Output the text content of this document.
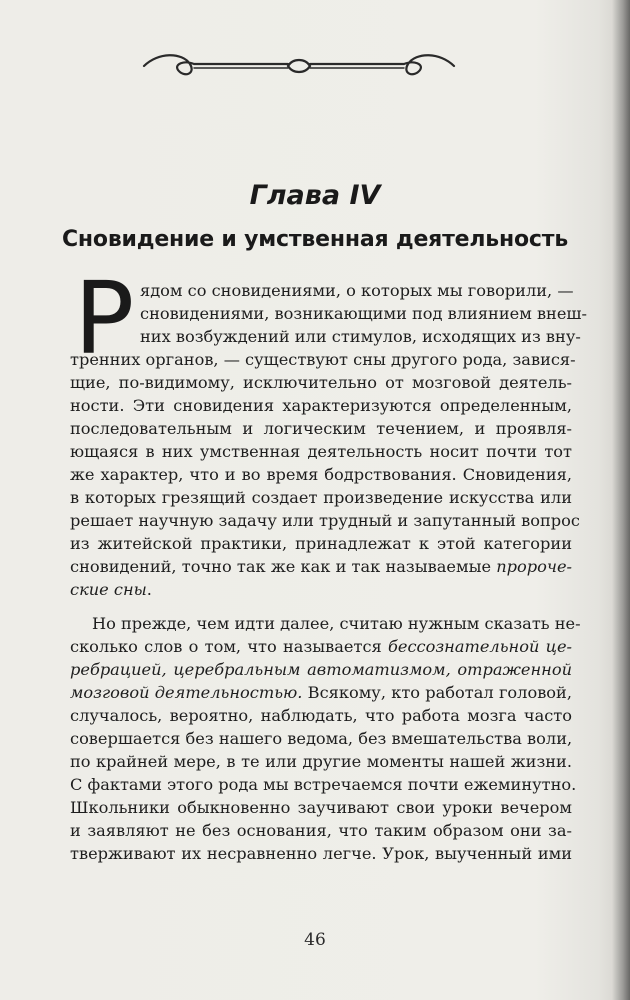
Глава IV
Сновидение и умственная деятельность
Р ядом со сновидениями, о которых мы говорили, —
сновидениями, возникающими под влиянием внеш-
них возбуждений или стимулов, исходящих из вну-
тренних органов, — существуют сны другого рода, завися-
щие, по-видимому, исключительно от мозговой деятель-
ности. Эти сновидения характеризуются определенным,
последовательным и логическим течением, и проявля-
ющаяся в них умственная деятельность носит почти тот
же характер, что и во время бодрствования. Сновидения,
в которых грезящий создает произведение искусства или
решает научную задачу или трудный и запутанный вопрос
из житейской практики, принадлежат к этой категории
сновидений, точно так же как и так называемые пророче-
ские сны.
Но прежде, чем идти далее, считаю нужным сказать не-
сколько слов о том, что называется бессознательной це-
ребрацией, церебральным автоматизмом, отраженной
мозговой деятельностью. Всякому, кто работал головой,
случалось, вероятно, наблюдать, что работа мозга часто
совершается без нашего ведома, без вмешательства воли,
по крайней мере, в те или другие моменты нашей жизни.
С фактами этого рода мы встречаемся почти ежеминутно.
Школьники обыкновенно заучивают свои уроки вечером
и заявляют не без основания, что таким образом они за-
тверживают их несравненно легче. Урок, выученный ими
46
